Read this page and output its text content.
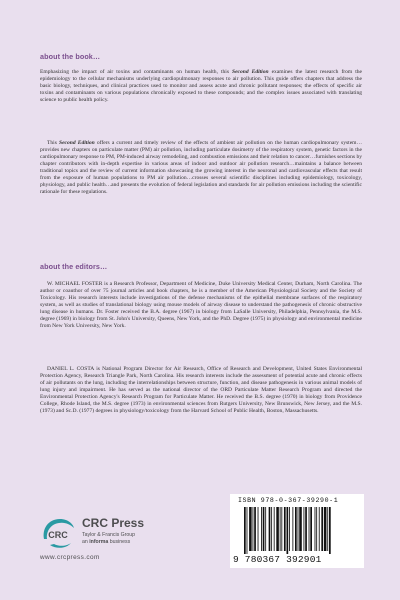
about the book…

Emphasizing the impact of air toxins and contaminants on human health, this Second Edition examines the latest research from the epidemiology to the cellular mechanisms underlying cardiopulmonary responses to air pollution. This guide offers chapters that address the basic biology, techniques, and clinical practices used to monitor and assess acute and chronic pollutant responses; the effects of specific air toxins and contaminants on various populations chronically exposed to these compounds; and the complex issues associated with translating science to public health policy.

This Second Edition offers a current and timely review of the effects of ambient air pollution on the human cardiopulmonary system…provides new chapters on particulate matter (PM) air pollution, including particulate dosimetry of the respiratory system, genetic factors in the cardiopulmonary response to PM, PM-induced airway remodeling, and combustion emissions and their relation to cancer…furnishes sections by chapter contributors with in-depth expertise in various areas of indoor and outdoor air pollution research…maintains a balance between traditional topics and the review of current information showcasing the growing interest in the neuronal and cardiovascular effects that result from the exposure of human populations to PM air pollution…crosses several scientific disciplines including epidemiology, toxicology, physiology, and public health…and presents the evolution of federal legislation and standards for air pollution emissions including the scientific rationale for these regulations.

about the editors…

W. MICHAEL FOSTER is a Research Professor, Department of Medicine, Duke University Medical Center, Durham, North Carolina. The author or coauthor of over 75 journal articles and book chapters, he is a member of the American Physiological Society and the Society of Toxicology. His research interests include investigations of the defense mechanisms of the epithelial membrane surfaces of the respiratory system, as well as studies of translational biology using mouse models of airway disease to understand the pathogenesis of chronic obstructive lung disease in humans. Dr. Foster received the B.A. degree (1967) in biology from LaSalle University, Philadelphia, Pennsylvania, the M.S. degree (1969) in biology from St. John's University, Queens, New York, and the PhD. Degree (1975) in physiology and environmental medicine from New York University, New York.

DANIEL L. COSTA is National Program Director for Air Research, Office of Research and Development, United States Environmental Protection Agency, Research Triangle Park, North Carolina. His research interests include the assessment of potential acute and chronic effects of air pollutants on the lung, including the interrelationships between structure, function, and disease pathogenesis in various animal models of lung injury and impairment. He has served as the national director of the ORD Particulate Matter Research Program and directed the Environmental Protection Agency's Research Program for Particulate Matter. He received the B.S. degree (1970) in biology from Providence College, Rhode Island, the M.S. degree (1973) in environmental sciences from Rutgers University, New Brunswick, New Jersey, and the M.S. (1973) and Sc.D. (1977) degrees in physiology/toxicology from the Harvard School of Public Health, Boston, Massachusetts.

CRC
CRC Press
Taylor & Francis Group
an informa business
www.crcpress.com
ISBN 978-0-367-39290-1
9 780367 392901
